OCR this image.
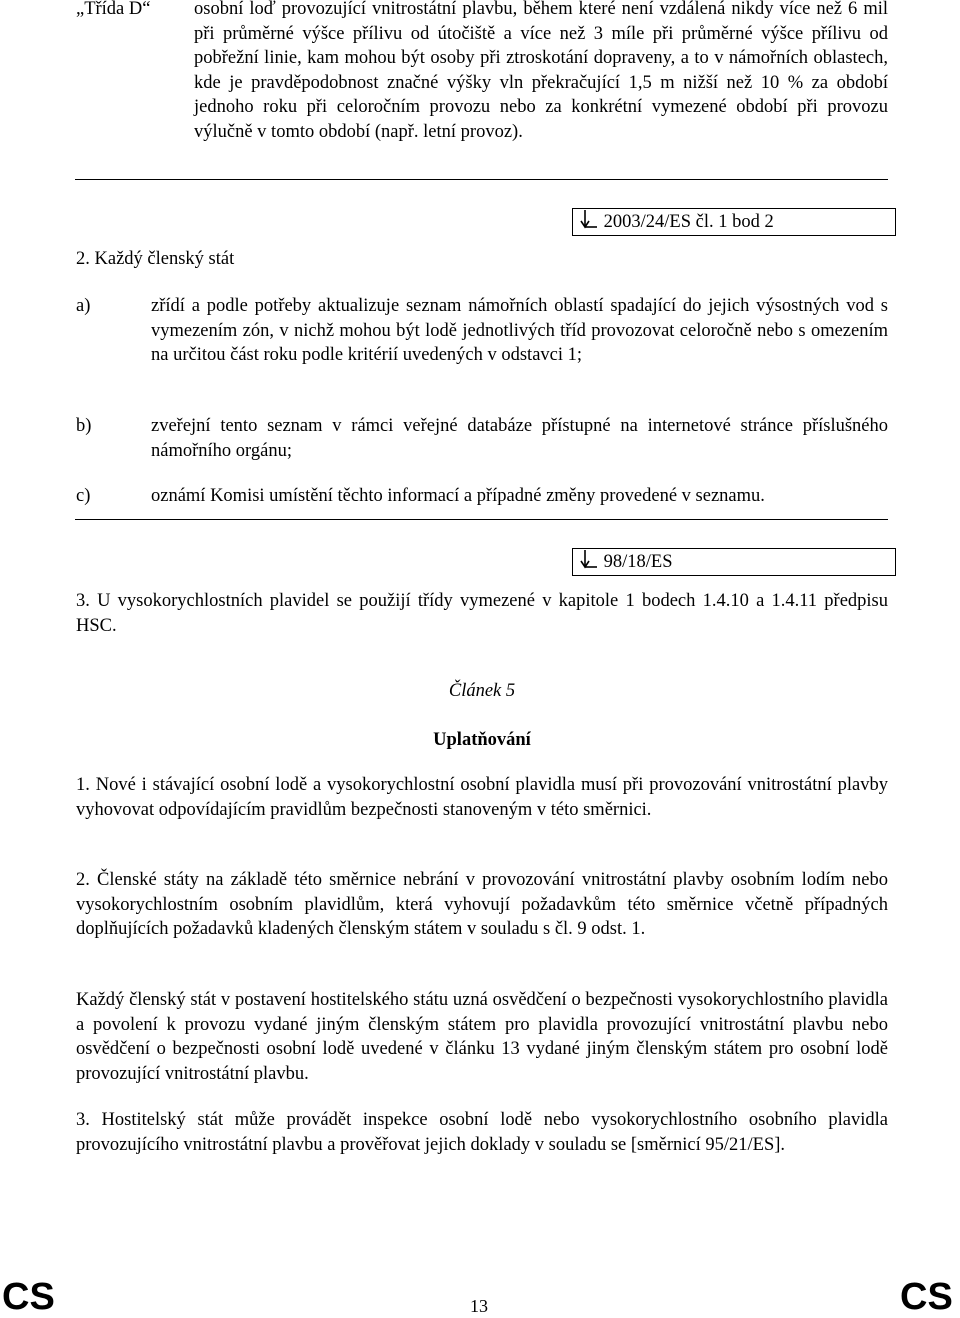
„Třída D“	osobní loď provozující vnitrostátní plavbu, během které není vzdálená nikdy více než 6 mil při průměrné výšce přílivu od útočiště a více než 3 míle při průměrné výšce přílivu od pobřežní linie, kam mohou být osoby při ztroskotání dopraveny, a to v námořních oblastech, kde je pravděpodobnost značné výšky vln překračující 1,5 m nižší než 10 % za období jednoho roku při celoročním provozu nebo za konkrétní vymezené období při provozu výlučně v tomto období (např. letní provoz).
2003/24/ES čl. 1 bod 2
2. Každý členský stát
a)	zřídí a podle potřeby aktualizuje seznam námořních oblastí spadající do jejich výsostných vod s vymezením zón, v nichž mohou být lodě jednotlivých tříd provozovat celoročně nebo s omezením na určitou část roku podle kritérií uvedených v odstavci 1;
b)	zveřejní tento seznam v rámci veřejné databáze přístupné na internetové stránce příslušného námořního orgánu;
c)	oznámí Komisi umístění těchto informací a případné změny provedené v seznamu.
98/18/ES
3. U vysokorychlostních plavidel se použijí třídy vymezené v kapitole 1 bodech 1.4.10 a 1.4.11 předpisu HSC.
Článek 5
Uplatňování
1. Nové i stávající osobní lodě a vysokorychlostní osobní plavidla musí při provozování vnitrostátní plavby vyhovovat odpovídajícím pravidlům bezpečnosti stanoveným v této směrnici.
2. Členské státy na základě této směrnice nebrání v provozování vnitrostátní plavby osobním lodím nebo vysokorychlostním osobním plavidlům, která vyhovují požadavkům této směrnice včetně případných doplňujících požadavků kladených členským státem v souladu s čl. 9 odst. 1.
Každý členský stát v postavení hostitelského státu uzná osvědčení o bezpečnosti vysokorychlostního plavidla a povolení k provozu vydané jiným členským státem pro plavidla provozující vnitrostátní plavbu nebo osvědčení o bezpečnosti osobní lodě uvedené v článku 13 vydané jiným členským státem pro osobní lodě provozující vnitrostátní plavbu.
3. Hostitelský stát může provádět inspekce osobní lodě nebo vysokorychlostního osobního plavidla provozujícího vnitrostátní plavbu a prověřovat jejich doklady v souladu se [směrnicí 95/21/ES].
CS	13	CS
